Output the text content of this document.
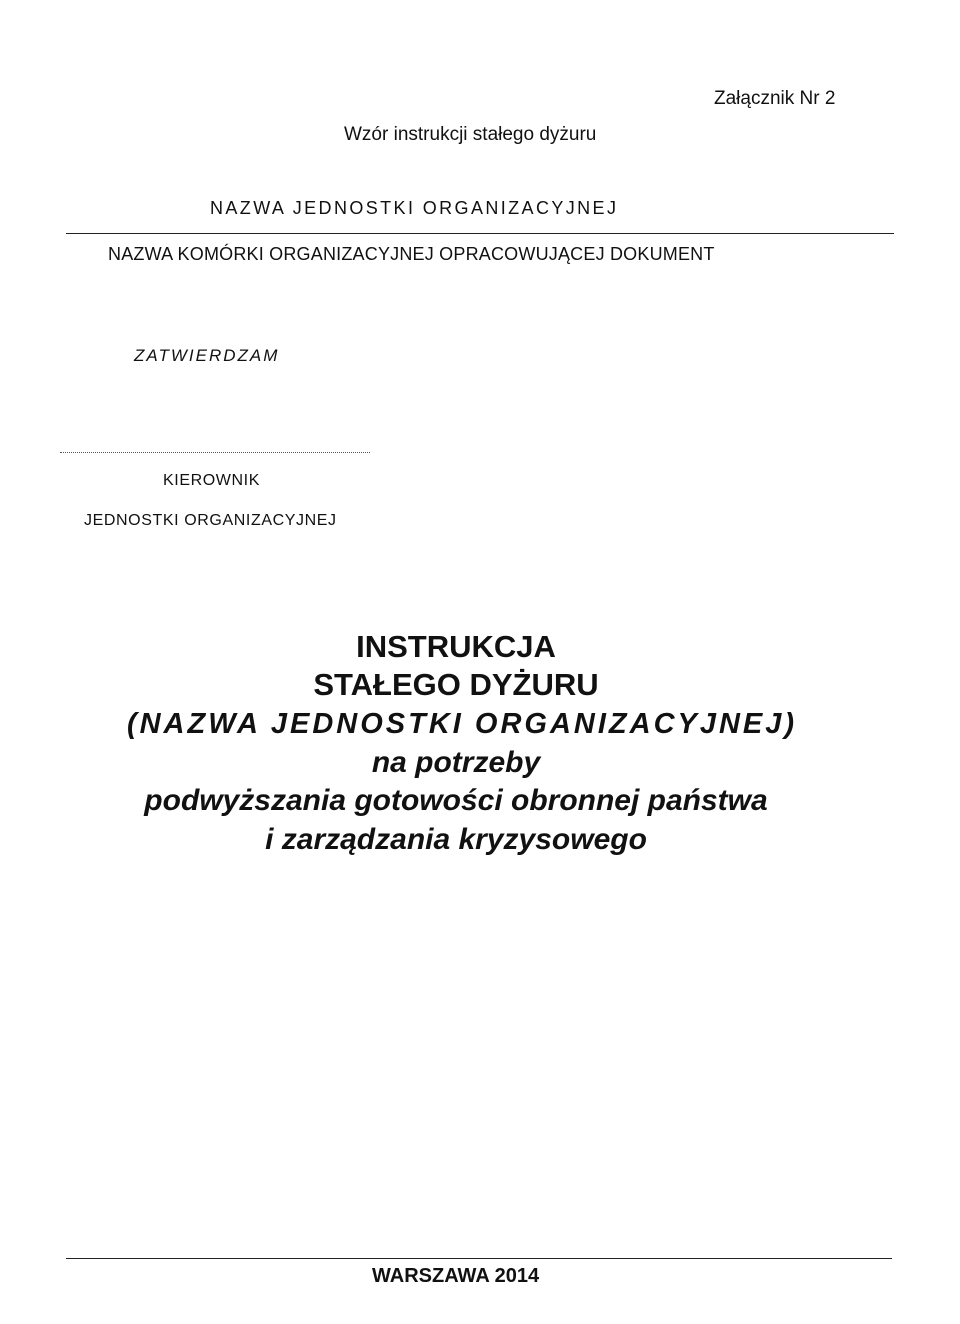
Załącznik Nr 2
Wzór instrukcji stałego dyżuru
NAZWA JEDNOSTKI ORGANIZACYJNEJ
NAZWA KOMÓRKI ORGANIZACYJNEJ OPRACOWUJĄCEJ DOKUMENT
ZATWIERDZAM
KIEROWNIK
JEDNOSTKI ORGANIZACYJNEJ
INSTRUKCJA
STAŁEGO DYŻURU
(NAZWA JEDNOSTKI ORGANIZACYJNEJ)
na potrzeby
podwyższania gotowości obronnej państwa
i zarządzania kryzysowego
WARSZAWA 2014
